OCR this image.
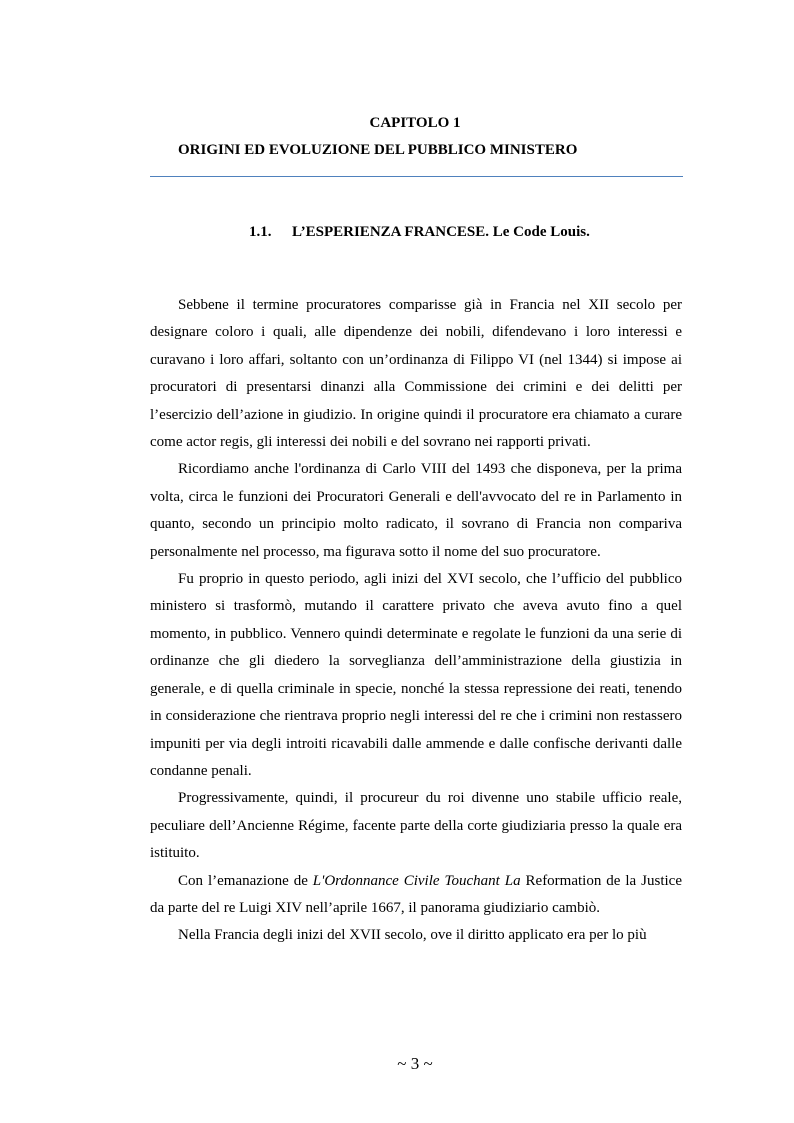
CAPITOLO 1
ORIGINI ED EVOLUZIONE DEL PUBBLICO MINISTERO
1.1. L’ESPERIENZA FRANCESE. Le Code Louis.

Sebbene il termine procuratores comparisse già in Francia nel XII secolo per designare coloro i quali, alle dipendenze dei nobili, difendevano i loro interessi e curavano i loro affari, soltanto con un’ordinanza di Filippo VI (nel 1344) si impose ai procuratori di presentarsi dinanzi alla Commissione dei crimini e dei delitti per l’esercizio dell’azione in giudizio. In origine quindi il procuratore era chiamato a curare come actor regis, gli interessi dei nobili e del sovrano nei rapporti privati.

Ricordiamo anche l'ordinanza di Carlo VIII del 1493 che disponeva, per la prima volta, circa le funzioni dei Procuratori Generali e dell'avvocato del re in Parlamento in quanto, secondo un principio molto radicato, il sovrano di Francia non compariva personalmente nel processo, ma figurava sotto il nome del suo procuratore.

Fu proprio in questo periodo, agli inizi del XVI secolo, che l’ufficio del pubblico ministero si trasformò, mutando il carattere privato che aveva avuto fino a quel momento, in pubblico. Vennero quindi determinate e regolate le funzioni da una serie di ordinanze che gli diedero la sorveglianza dell’amministrazione della giustizia in generale, e di quella criminale in specie, nonché la stessa repressione dei reati, tenendo in considerazione che rientrava proprio negli interessi del re che i crimini non restassero impuniti per via degli introiti ricavabili dalle ammende e dalle confische derivanti dalle condanne penali.

Progressivamente, quindi, il procureur du roi divenne uno stabile ufficio reale, peculiare dell’Ancienne Régime, facente parte della corte giudiziaria presso la quale era istituito.

Con l’emanazione de L'Ordonnance Civile Touchant La Reformation de la Justice da parte del re Luigi XIV nell’aprile 1667, il panorama giudiziario cambiò.

Nella Francia degli inizi del XVII secolo, ove il diritto applicato era per lo più

~ 3 ~
